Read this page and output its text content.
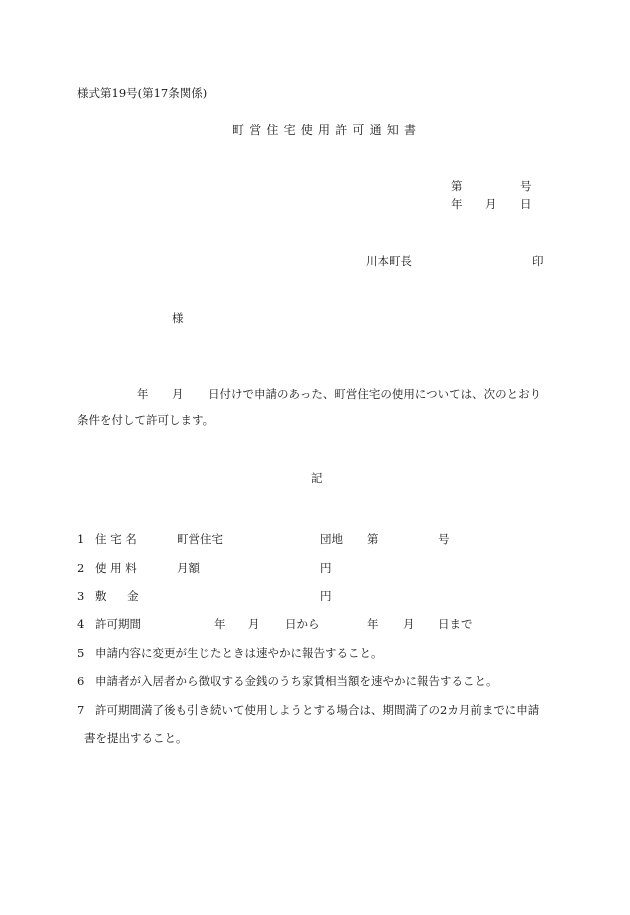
様式第19号(第17条関係)
町営住宅使用許可通知書
第	号
年 月 日
川本町長	印
様
年 月 日付けで申請のあった、町営住宅の使用については、次のとおり
条件を付して許可します。
記
1 住 宅 名	町営住宅	団地 第	号
2 使 用 料	月額	円
3 敷 金	円
4 許可期間	年 月 日から	年 月 日まで
5 申請内容に変更が生じたときは速やかに報告すること。
6 申請者が入居者から徴収する金銭のうち家賃相当額を速やかに報告すること。
7 許可期間満了後も引き続いて使用しようとする場合は、期間満了の2カ月前までに申請
書を提出すること。
